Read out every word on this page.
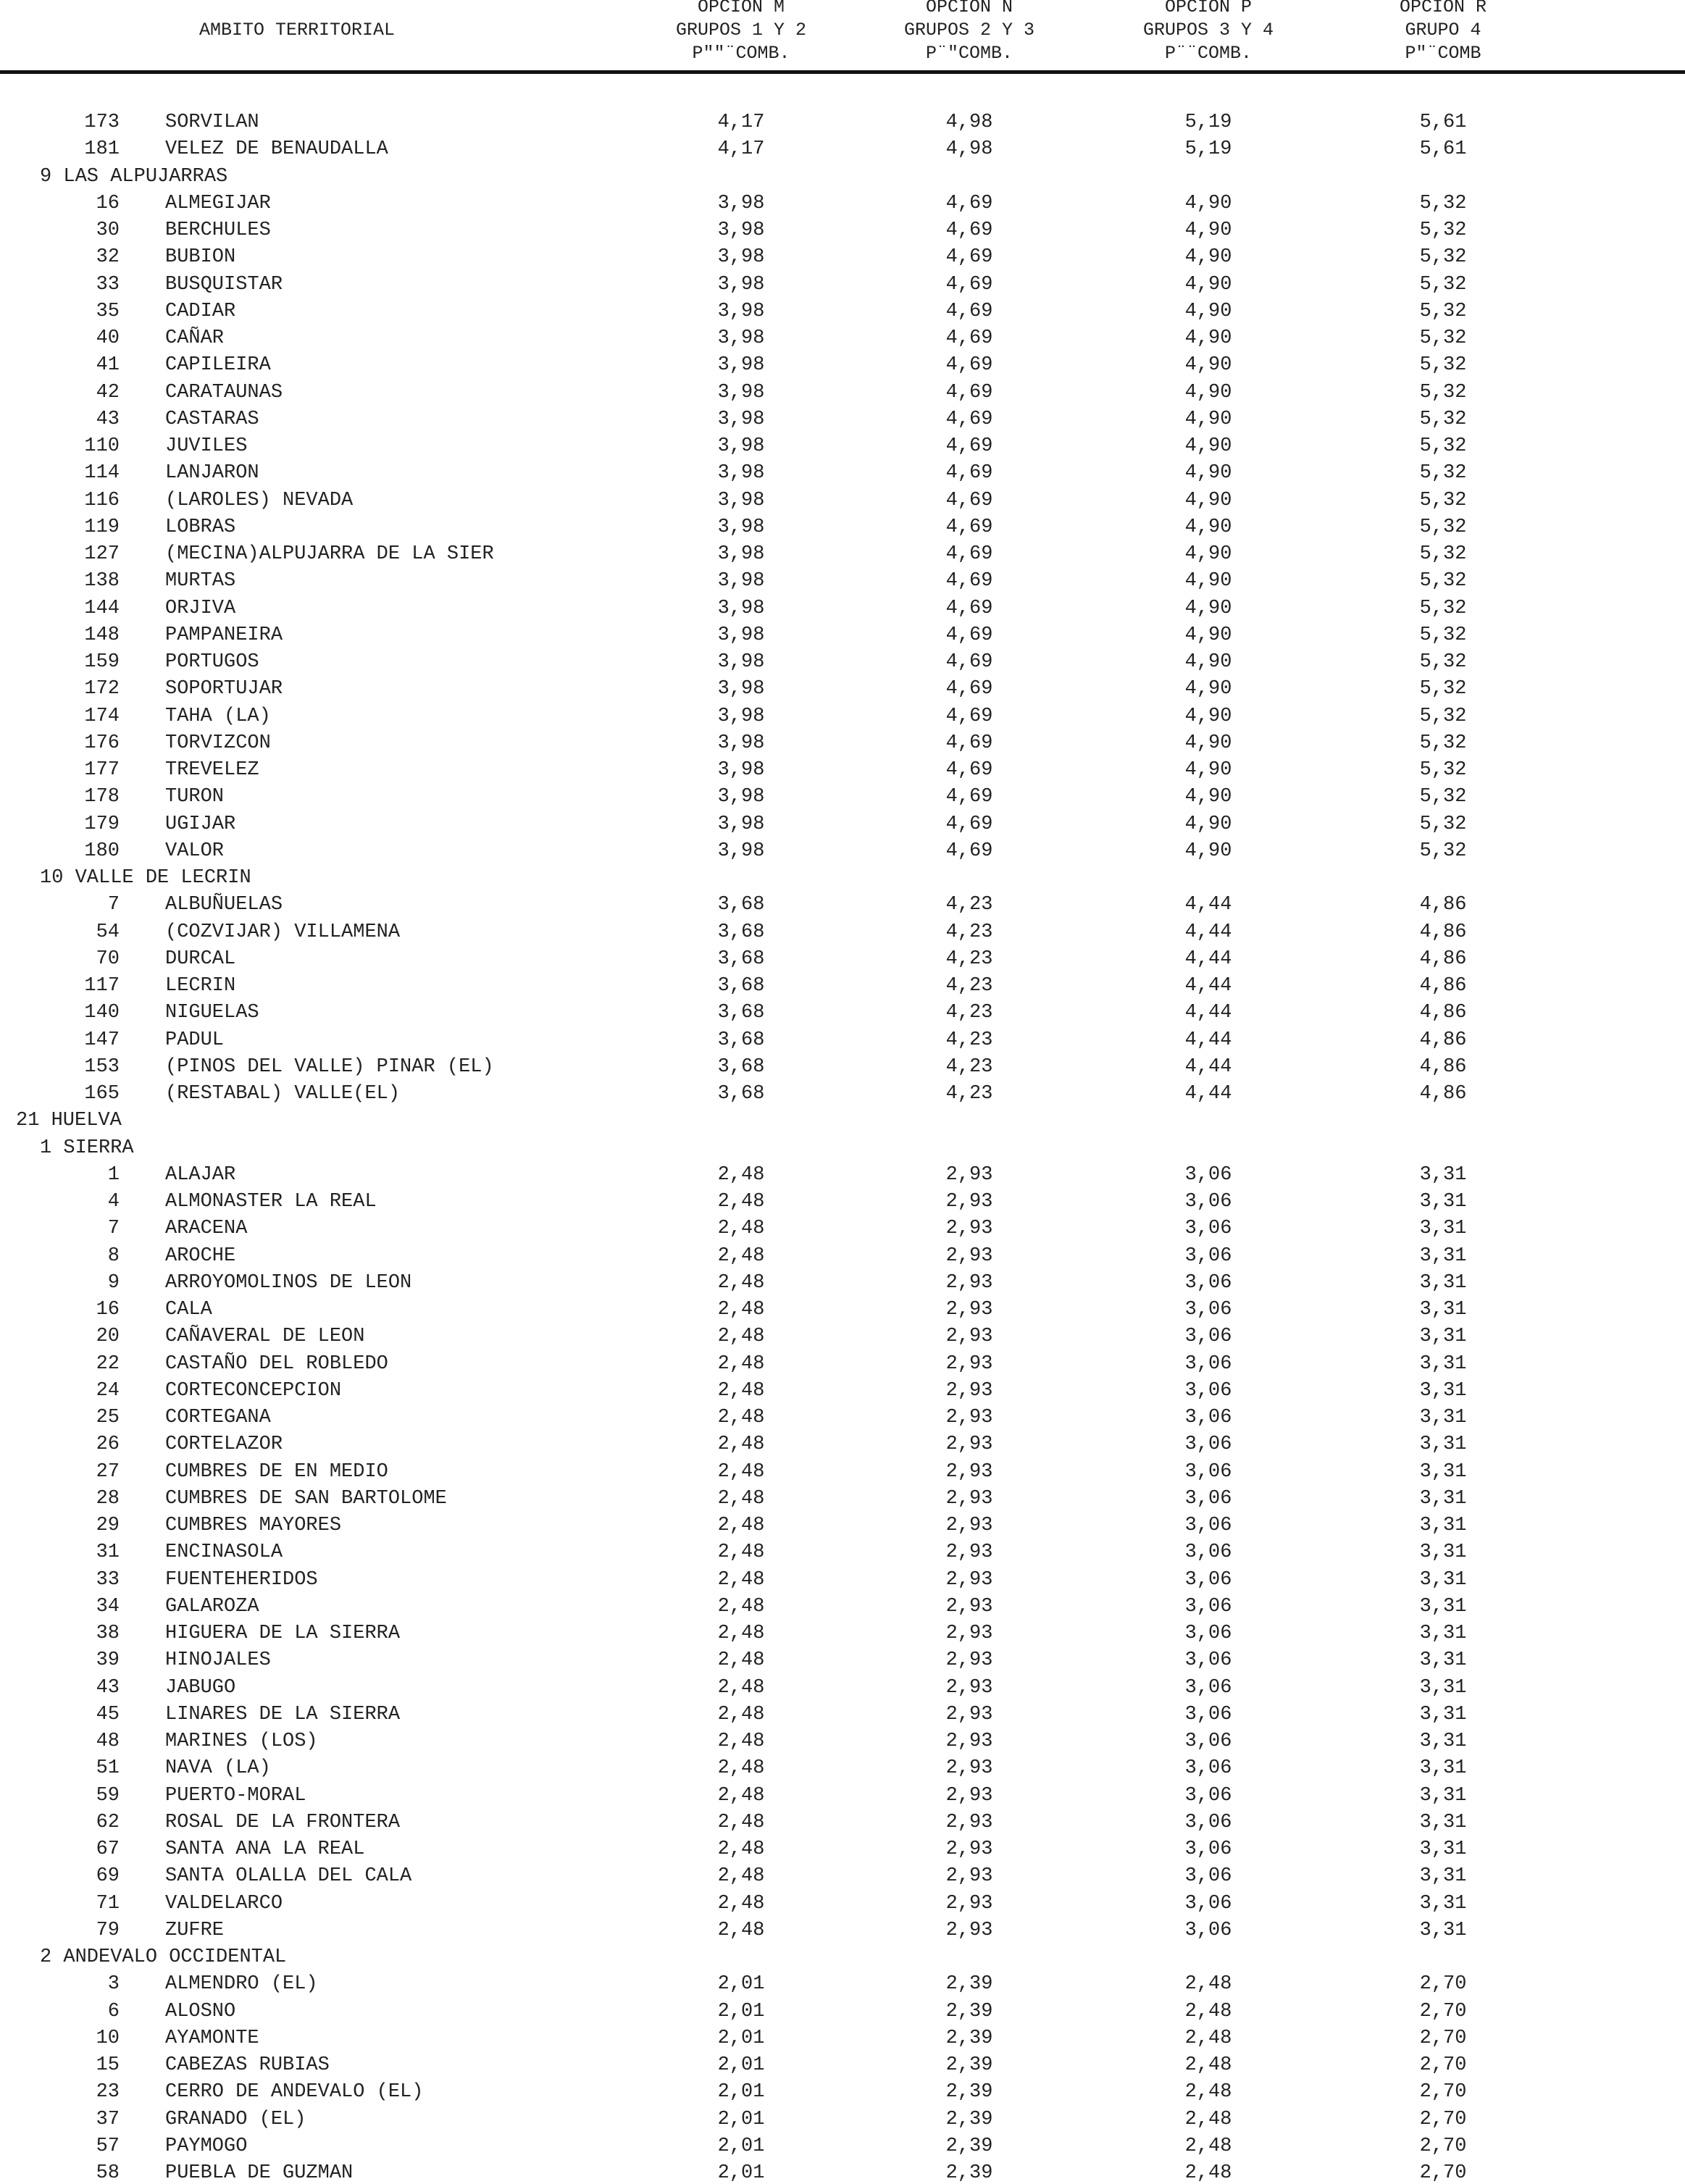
AMBITO TERRITORIAL
OPCION M
GRUPOS 1 Y 2
P""¨COMB.
OPCION N
GRUPOS 2 Y 3
P¨"COMB.
OPCION P
GRUPOS 3 Y 4
P¨¨COMB.
OPCION R
GRUPO 4
P"¨COMB
173 SORVILAN	4,17	4,98	5,19	5,61
181 VELEZ DE BENAUDALLA	4,17	4,98	5,19	5,61
9 LAS ALPUJARRAS
16 ALMEGIJAR	3,98	4,69	4,90	5,32
30 BERCHULES	3,98	4,69	4,90	5,32
32 BUBION	3,98	4,69	4,90	5,32
33 BUSQUISTAR	3,98	4,69	4,90	5,32
35 CADIAR	3,98	4,69	4,90	5,32
40 CAÑAR	3,98	4,69	4,90	5,32
41 CAPILEIRA	3,98	4,69	4,90	5,32
42 CARATAUNAS	3,98	4,69	4,90	5,32
43 CASTARAS	3,98	4,69	4,90	5,32
110 JUVILES	3,98	4,69	4,90	5,32
114 LANJARON	3,98	4,69	4,90	5,32
116 (LAROLES) NEVADA	3,98	4,69	4,90	5,32
119 LOBRAS	3,98	4,69	4,90	5,32
127 (MECINA)ALPUJARRA DE LA SIER	3,98	4,69	4,90	5,32
138 MURTAS	3,98	4,69	4,90	5,32
144 ORJIVA	3,98	4,69	4,90	5,32
148 PAMPANEIRA	3,98	4,69	4,90	5,32
159 PORTUGOS	3,98	4,69	4,90	5,32
172 SOPORTUJAR	3,98	4,69	4,90	5,32
174 TAHA (LA)	3,98	4,69	4,90	5,32
176 TORVIZCON	3,98	4,69	4,90	5,32
177 TREVELEZ	3,98	4,69	4,90	5,32
178 TURON	3,98	4,69	4,90	5,32
179 UGIJAR	3,98	4,69	4,90	5,32
180 VALOR	3,98	4,69	4,90	5,32
10 VALLE DE LECRIN
7 ALBUÑUELAS	3,68	4,23	4,44	4,86
54 (COZVIJAR) VILLAMENA	3,68	4,23	4,44	4,86
70 DURCAL	3,68	4,23	4,44	4,86
117 LECRIN	3,68	4,23	4,44	4,86
140 NIGUELAS	3,68	4,23	4,44	4,86
147 PADUL	3,68	4,23	4,44	4,86
153 (PINOS DEL VALLE) PINAR (EL)	3,68	4,23	4,44	4,86
165 (RESTABAL) VALLE(EL)	3,68	4,23	4,44	4,86
21 HUELVA
1 SIERRA
1 ALAJAR	2,48	2,93	3,06	3,31
4 ALMONASTER LA REAL	2,48	2,93	3,06	3,31
7 ARACENA	2,48	2,93	3,06	3,31
8 AROCHE	2,48	2,93	3,06	3,31
9 ARROYOMOLINOS DE LEON	2,48	2,93	3,06	3,31
16 CALA	2,48	2,93	3,06	3,31
20 CAÑAVERAL DE LEON	2,48	2,93	3,06	3,31
22 CASTAÑO DEL ROBLEDO	2,48	2,93	3,06	3,31
24 CORTECONCEPCION	2,48	2,93	3,06	3,31
25 CORTEGANA	2,48	2,93	3,06	3,31
26 CORTELAZOR	2,48	2,93	3,06	3,31
27 CUMBRES DE EN MEDIO	2,48	2,93	3,06	3,31
28 CUMBRES DE SAN BARTOLOME	2,48	2,93	3,06	3,31
29 CUMBRES MAYORES	2,48	2,93	3,06	3,31
31 ENCINASOLA	2,48	2,93	3,06	3,31
33 FUENTEHERIDOS	2,48	2,93	3,06	3,31
34 GALAROZA	2,48	2,93	3,06	3,31
38 HIGUERA DE LA SIERRA	2,48	2,93	3,06	3,31
39 HINOJALES	2,48	2,93	3,06	3,31
43 JABUGO	2,48	2,93	3,06	3,31
45 LINARES DE LA SIERRA	2,48	2,93	3,06	3,31
48 MARINES (LOS)	2,48	2,93	3,06	3,31
51 NAVA (LA)	2,48	2,93	3,06	3,31
59 PUERTO-MORAL	2,48	2,93	3,06	3,31
62 ROSAL DE LA FRONTERA	2,48	2,93	3,06	3,31
67 SANTA ANA LA REAL	2,48	2,93	3,06	3,31
69 SANTA OLALLA DEL CALA	2,48	2,93	3,06	3,31
71 VALDELARCO	2,48	2,93	3,06	3,31
79 ZUFRE	2,48	2,93	3,06	3,31
2 ANDEVALO OCCIDENTAL
3 ALMENDRO (EL)	2,01	2,39	2,48	2,70
6 ALOSNO	2,01	2,39	2,48	2,70
10 AYAMONTE	2,01	2,39	2,48	2,70
15 CABEZAS RUBIAS	2,01	2,39	2,48	2,70
23 CERRO DE ANDEVALO (EL)	2,01	2,39	2,48	2,70
37 GRANADO (EL)	2,01	2,39	2,48	2,70
57 PAYMOGO	2,01	2,39	2,48	2,70
58 PUEBLA DE GUZMAN	2,01	2,39	2,48	2,70
